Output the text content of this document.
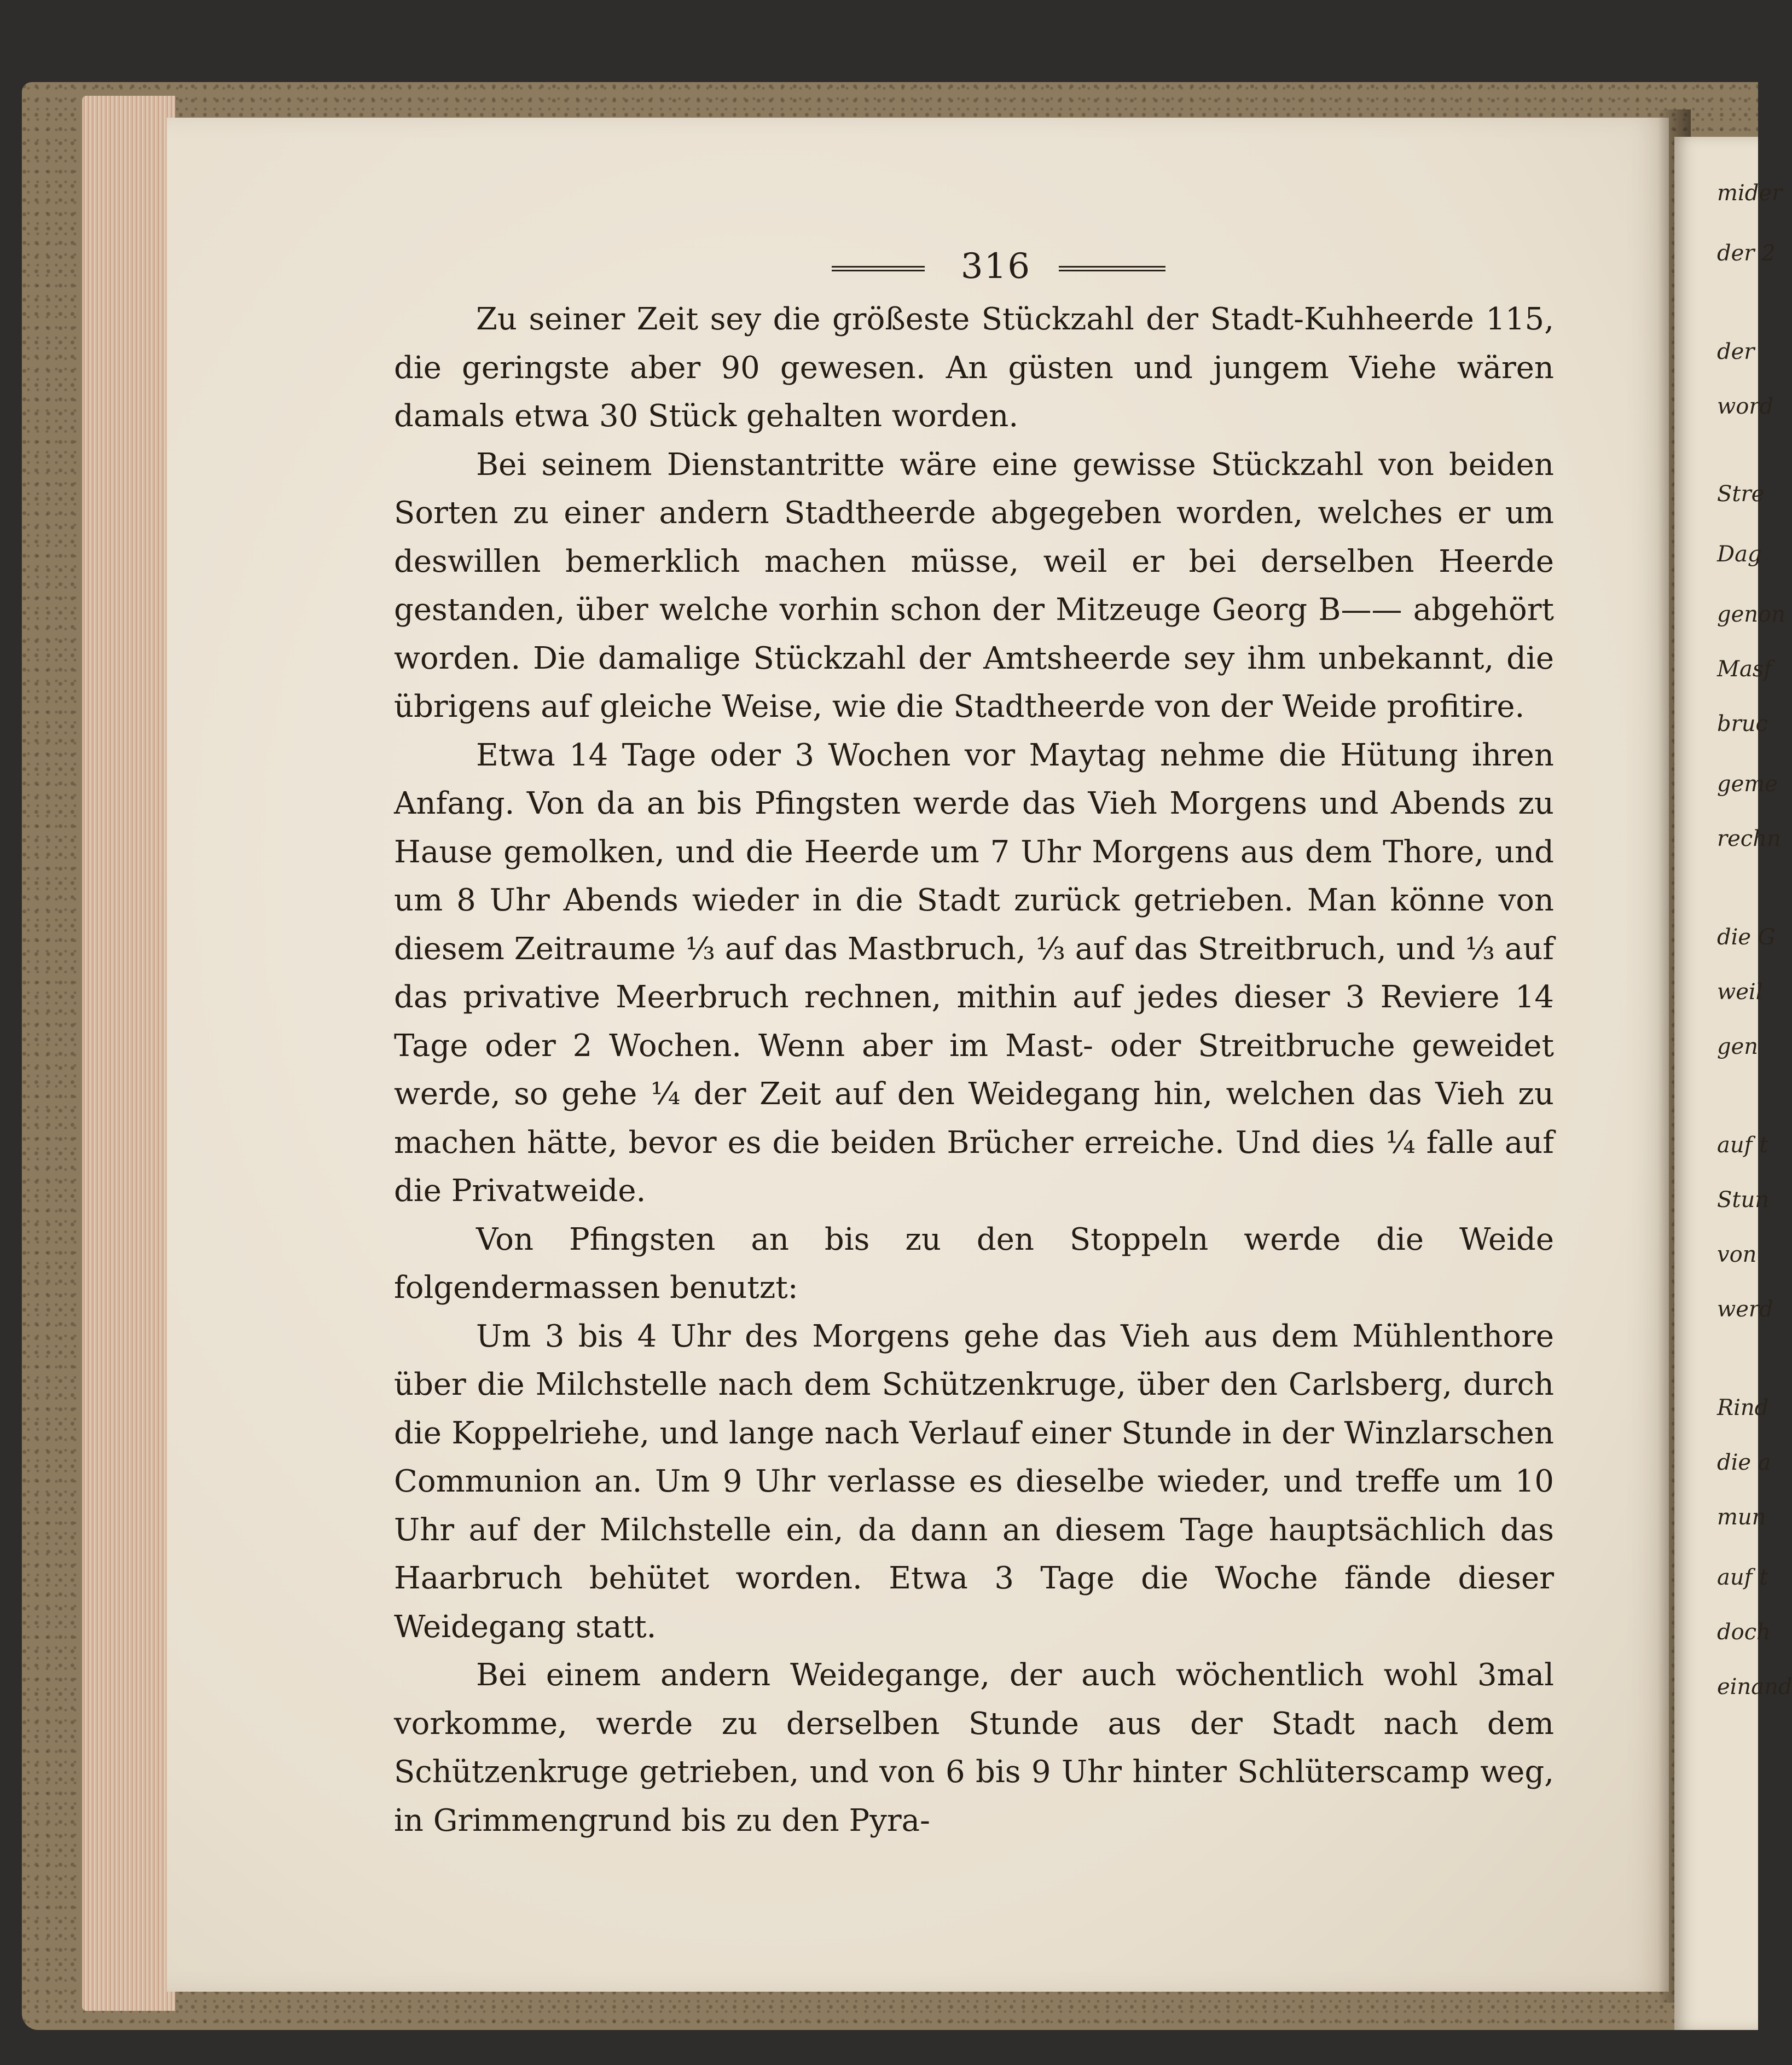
mider
der 2
der
word
Stre
Dag
genon
Masf
bruc
geme
rechn
die G
weil
gen
auf t
Stun
von
werd
Rind
die a
mun
auf t
doch
einand
316

Zu seiner Zeit sey die größeste Stückzahl der Stadt-Kuhheerde 115, die geringste aber 90 gewesen. An güsten und jungem Viehe wären damals etwa 30 Stück gehalten worden.

Bei seinem Dienstantritte wäre eine gewisse Stückzahl von beiden Sorten zu einer andern Stadtheerde abgegeben worden, welches er um deswillen bemerklich machen müsse, weil er bei derselben Heerde gestanden, über welche vorhin schon der Mitzeuge Georg B—— abgehört worden. Die damalige Stückzahl der Amtsheerde sey ihm unbekannt, die übrigens auf gleiche Weise, wie die Stadtheerde von der Weide profitire.

Etwa 14 Tage oder 3 Wochen vor Maytag nehme die Hütung ihren Anfang. Von da an bis Pfingsten werde das Vieh Morgens und Abends zu Hause gemolken, und die Heerde um 7 Uhr Morgens aus dem Thore, und um 8 Uhr Abends wieder in die Stadt zurück getrieben. Man könne von diesem Zeitraume ⅓ auf das Mastbruch, ⅓ auf das Streitbruch, und ⅓ auf das privative Meerbruch rechnen, mithin auf jedes dieser 3 Reviere 14 Tage oder 2 Wochen. Wenn aber im Mast- oder Streitbruche geweidet werde, so gehe ¼ der Zeit auf den Weidegang hin, welchen das Vieh zu machen hätte, bevor es die beiden Brücher erreiche. Und dies ¼ falle auf die Privatweide.

Von Pfingsten an bis zu den Stoppeln werde die Weide folgendermassen benutzt:

Um 3 bis 4 Uhr des Morgens gehe das Vieh aus dem Mühlenthore über die Milchstelle nach dem Schützenkruge, über den Carlsberg, durch die Koppelriehe, und lange nach Verlauf einer Stunde in der Winzlarschen Communion an. Um 9 Uhr verlasse es dieselbe wieder, und treffe um 10 Uhr auf der Milchstelle ein, da dann an diesem Tage hauptsächlich das Haarbruch behütet worden. Etwa 3 Tage die Woche fände dieser Weidegang statt.

Bei einem andern Weidegange, der auch wöchentlich wohl 3mal vorkomme, werde zu derselben Stunde aus der Stadt nach dem Schützenkruge getrieben, und von 6 bis 9 Uhr hinter Schlüterscamp weg, in Grimmengrund bis zu den Pyra-
